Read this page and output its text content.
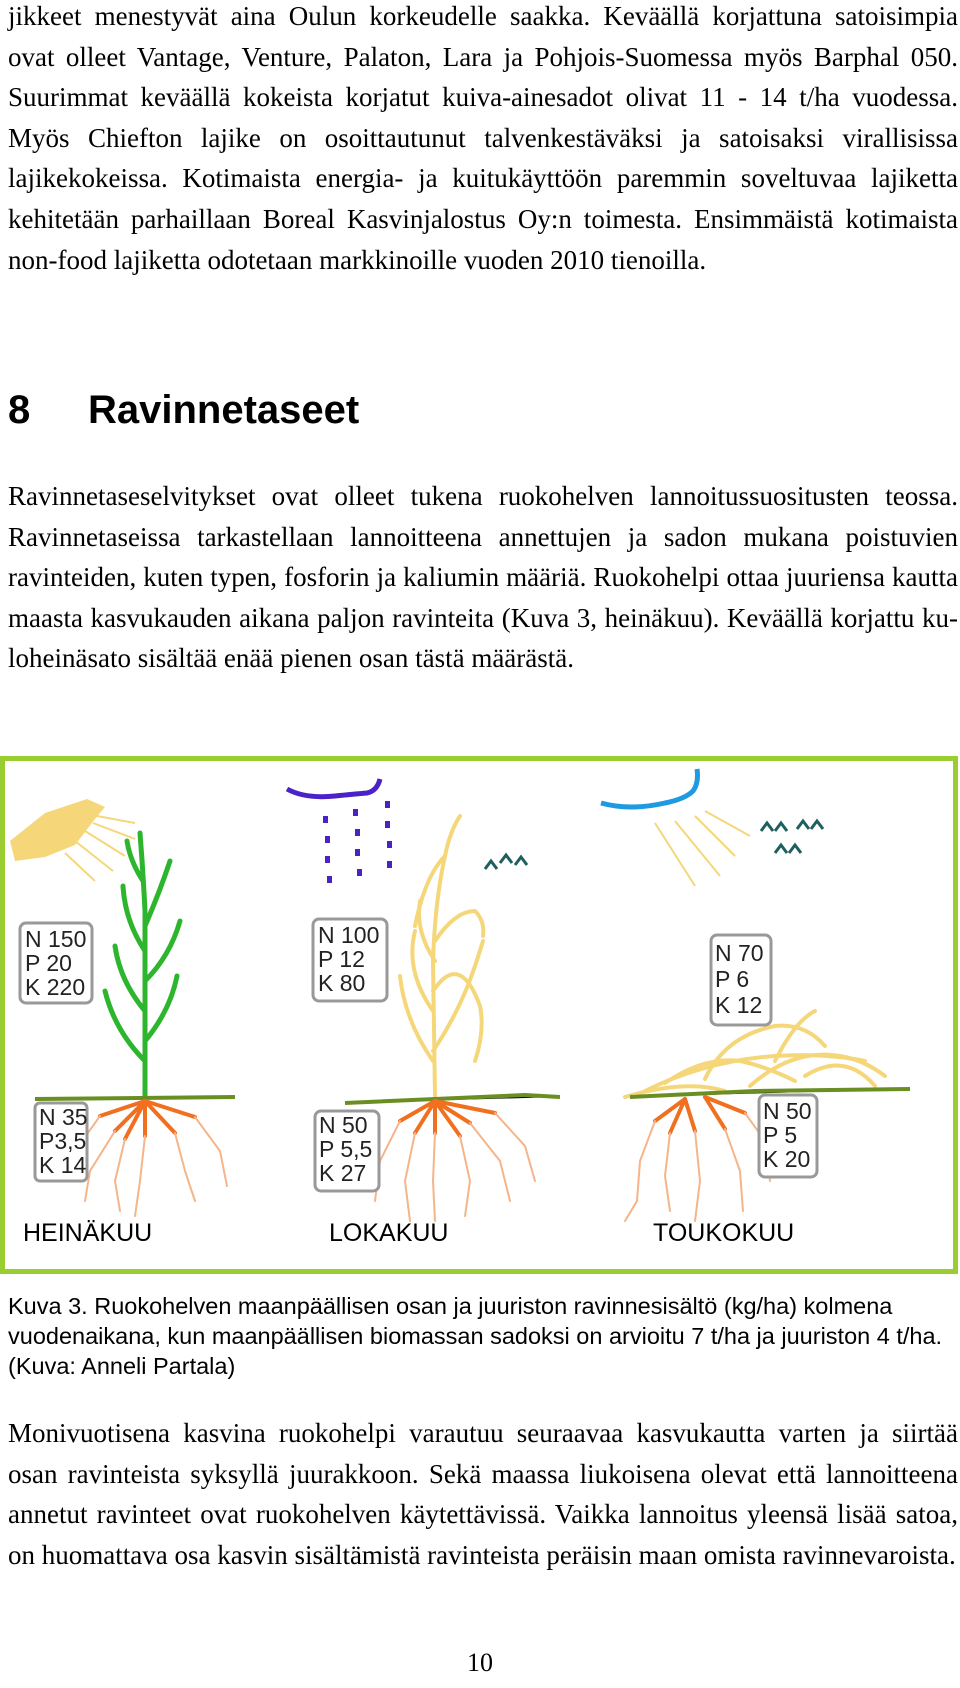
jikkeet menestyvät aina Oulun korkeudelle saakka. Keväällä korjattuna satoisimpia ovat olleet Vantage, Venture, Palaton, Lara ja Pohjois-Suomessa myös Barphal 050. Suurimmat keväällä kokeista korjatut kuiva-ainesadot olivat 11 - 14 t/ha vuodessa. Myös Chiefton lajike on osoittautunut talvenkestäväksi ja satoisaksi virallisissa lajikekokeissa. Kotimaista energia- ja kuitukäyttöön paremmin soveltuvaa lajiketta kehitetään parhaillaan Boreal Kasvinjalostus Oy:n toimesta. Ensimmäistä kotimaista non-food lajiketta odotetaan markkinoille vuoden 2010 tienoilla.

8 Ravinnetaseet

Ravinnetaseselvitykset ovat olleet tukena ruokohelven lannoitussuositusten teossa. Ravinnetaseissa tarkastellaan lannoitteena annettujen ja sadon mukana poistuvien ravinteiden, kuten typen, fosforin ja kaliumin määriä. Ruokohelpi ottaa juuriensa kautta maasta kasvukauden aikana paljon ravinteita (Kuva 3, heinäkuu). Keväällä korjattu kuloheinäsato sisältää enää pienen osan tästä määrästä.

N 150
P 20
K 220
N 35
P3,5
K 14
HEINÄKUU
N 100
P 12
K 80
N 50
P 5,5
K 27
LOKAKUU
N 70
P 6
K 12
N 50
P 5
K 20
TOUKOKUU

Kuva 3. Ruokohelven maanpäällisen osan ja juuriston ravinnesisältö (kg/ha) kolmena vuodenaikana, kun maanpäällisen biomassan sadoksi on arvioitu 7 t/ha ja juuriston 4 t/ha. (Kuva: Anneli Partala)

Monivuotisena kasvina ruokohelpi varautuu seuraavaa kasvukautta varten ja siirtää osan ravinteista syksyllä juurakkoon. Sekä maassa liukoisena olevat että lannoitteena annetut ravinteet ovat ruokohelven käytettävissä. Vaikka lannoitus yleensä lisää satoa, on huomattava osa kasvin sisältämistä ravinteista peräisin maan omista ravinnevaroista.

10
